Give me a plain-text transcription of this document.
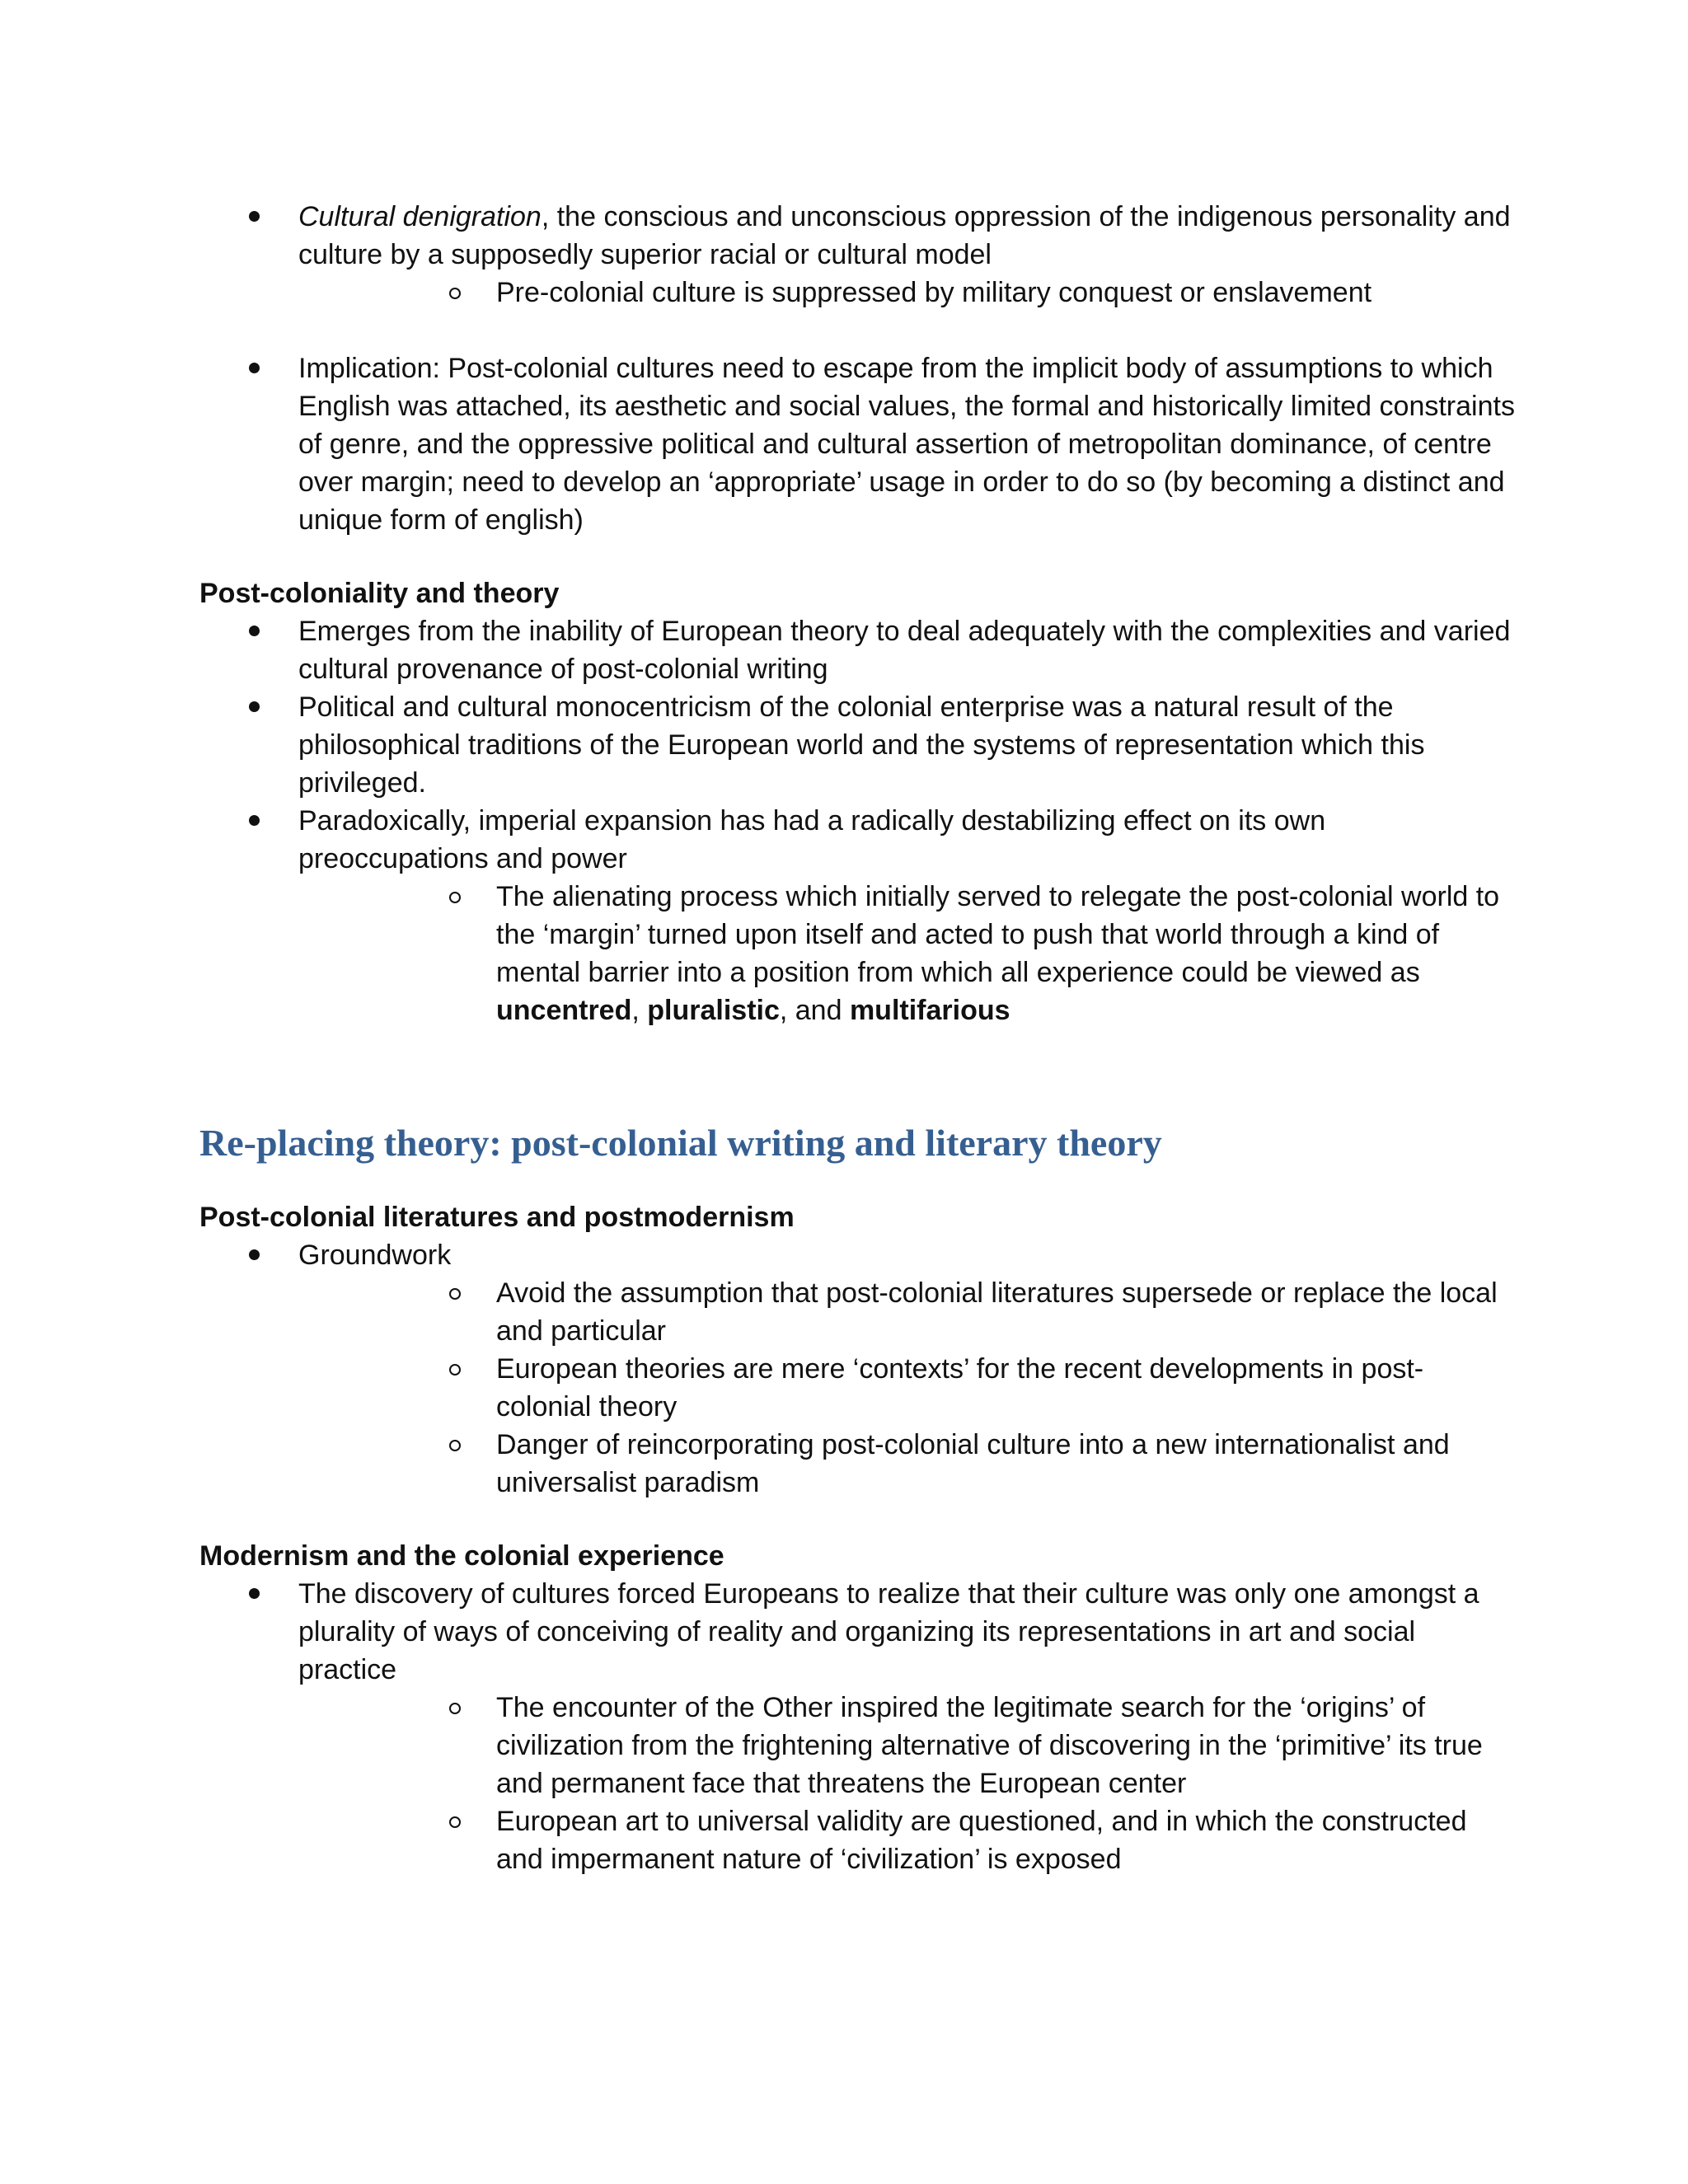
Cultural denigration, the conscious and unconscious oppression of the indigenous personality and culture by a supposedly superior racial or cultural model
Pre-colonial culture is suppressed by military conquest or enslavement
Implication: Post-colonial cultures need to escape from the implicit body of assumptions to which English was attached, its aesthetic and social values, the formal and historically limited constraints of genre, and the oppressive political and cultural assertion of metropolitan dominance, of centre over margin; need to develop an ‘appropriate’ usage in order to do so (by becoming a distinct and unique form of english)

Post-coloniality and theory

Emerges from the inability of European theory to deal adequately with the complexities and varied cultural provenance of post-colonial writing
Political and cultural monocentricism of the colonial enterprise was a natural result of the philosophical traditions of the European world and the systems of representation which this privileged.
Paradoxically, imperial expansion has had a radically destabilizing effect on its own preoccupations and power
The alienating process which initially served to relegate the post-colonial world to the ‘margin’ turned upon itself and acted to push that world through a kind of mental barrier into a position from which all experience could be viewed as uncentred, pluralistic, and multifarious
Re-placing theory: post-colonial writing and literary theory

Post-colonial literatures and postmodernism

Groundwork
Avoid the assumption that post-colonial literatures supersede or replace the local and particular
European theories are mere ‘contexts’ for the recent developments in post-colonial theory
Danger of reincorporating post-colonial culture into a new internationalist and universalist paradism

Modernism and the colonial experience

The discovery of cultures forced Europeans to realize that their culture was only one amongst a plurality of ways of conceiving of reality and organizing its representations in art and social practice
The encounter of the Other inspired the legitimate search for the ‘origins’ of civilization from the frightening alternative of discovering in the ‘primitive’ its true and permanent face that threatens the European center
European art to universal validity are questioned, and in which the constructed and impermanent nature of ‘civilization’ is exposed
